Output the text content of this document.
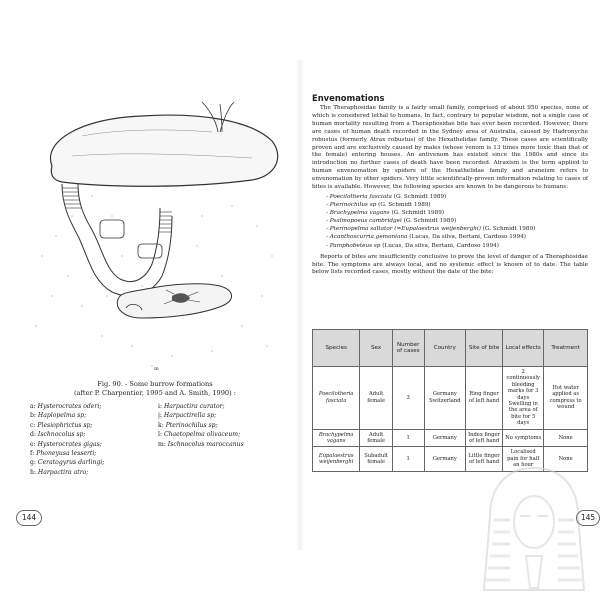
m
Fig. 90. - Some burrow formations
(after P. Charpentier, 1995 and A. Smith, 1990) :
a: Hysterocrates oderi;
b: Haplopelma sp;
c: Plesiophrictus sp;
d: Ischnocolus sp;
e: Hysterocrates gigas;
f: Phoneyusa lesserti;
g: Ceratogyrus darlingi;
h: Harpactira atra;
i: Harpactira curator;
j: Harpactirella sp;
k: Pterinochilus sp;
l: Chaetopelma olivaceum;
m: Ischnocolus maroccanus
144
Envenomations

The Theraphosidae family is a fairly small family, comprised of about 950 species, none of which is considered lethal to humans. In fact, contrary to popular wisdom, not a single case of human mortality resulting from a Theraphosidae bite has ever been recorded. However, there are cases of human death recorded in the Sydney area of Australia, caused by Hadronyche robustus (formerly Atrax robustus) of the Hexathelidae family. These cases are scientifically proven and are exclusively caused by males (whose venom is 13 times more toxic than that of the female) entering houses. An antivenom has existed since the 1980s and since its introduction no further cases of death have been recorded. Atraxism is the term applied to human envenomation by spiders of the Hexathelidae family and araneism refers to envenomation by other spiders. Very little scientifically-proven information relating to cases of bites is available. However, the following species are known to be dangerous to humans:

- Poecilotheria fasciata (G. Schmidt 1989)
- Pterinochilus sp (G. Schmidt 1989)
- Brachypelma vagans (G. Schmidt 1989)
- Psalmopoeus cambridgei (G. Schmidt 1989)
- Pterinopelma saltator (=Eupalaestrus weijenberghi) (G. Schmidt 1989)
- Acanthoscurria gemoniana (Lucas, Da silva, Bertani, Cardoso 1994)
- Pamphobeteus sp (Lucas, Da silva, Bertani, Cardoso 1994)

Reports of bites are insufficiently conclusive to prove the level of danger of a Theraphosidae bite. The symptoms are always local, and no systemic effect is known of to date. The table below lists recorded cases, mostly without the date of the bite:

Species	Sex	Number of cases	Country	Site of bite	Local effects	Treatment
Poecilotheria fasciata	Adult female	3	Germany Switzerland	Ring finger of left hand	2 continuously bleeding marks for 3 days Swelling in the area of bite for 5 days	Hot water applied as compress to wound
Brachypelma vagans	Adult female	1	Germany	Index finger of left hand	No symptoms	None
Eupalaestrus weijenberghi	Subadult female	1	Germany	Little finger of left hand	Localised pain for half an hour	None
145
